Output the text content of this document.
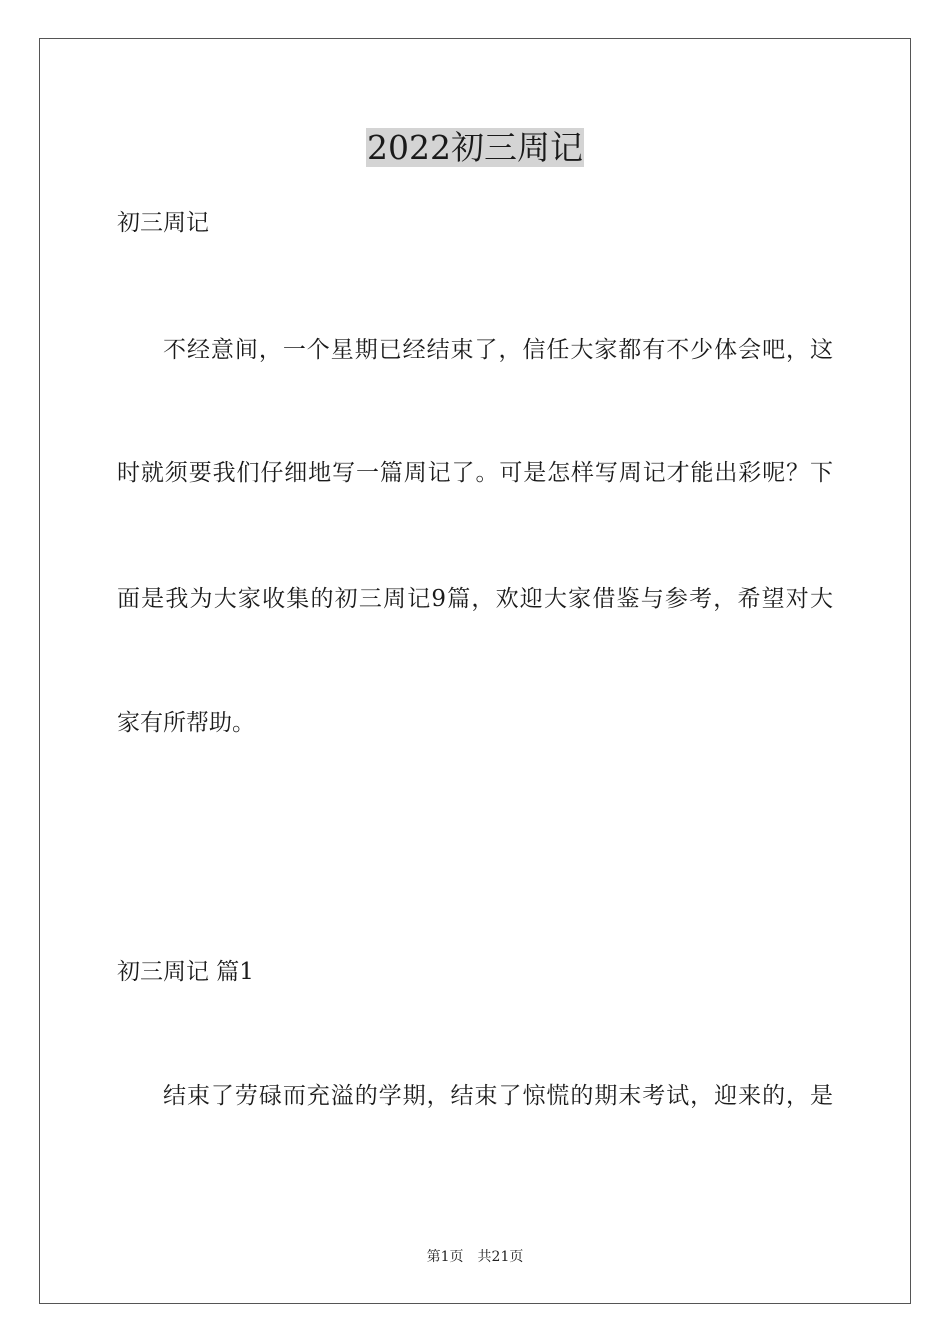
2022初三周记
初三周记
不经意间，一个星期已经结束了，信任大家都有不少体会吧，这
时就须要我们仔细地写一篇周记了。可是怎样写周记才能出彩呢？下
面是我为大家收集的初三周记9篇，欢迎大家借鉴与参考，希望对大
家有所帮助。
初三周记 篇1
结束了劳碌而充溢的学期，结束了惊慌的期末考试，迎来的，是
第1页　共21页
